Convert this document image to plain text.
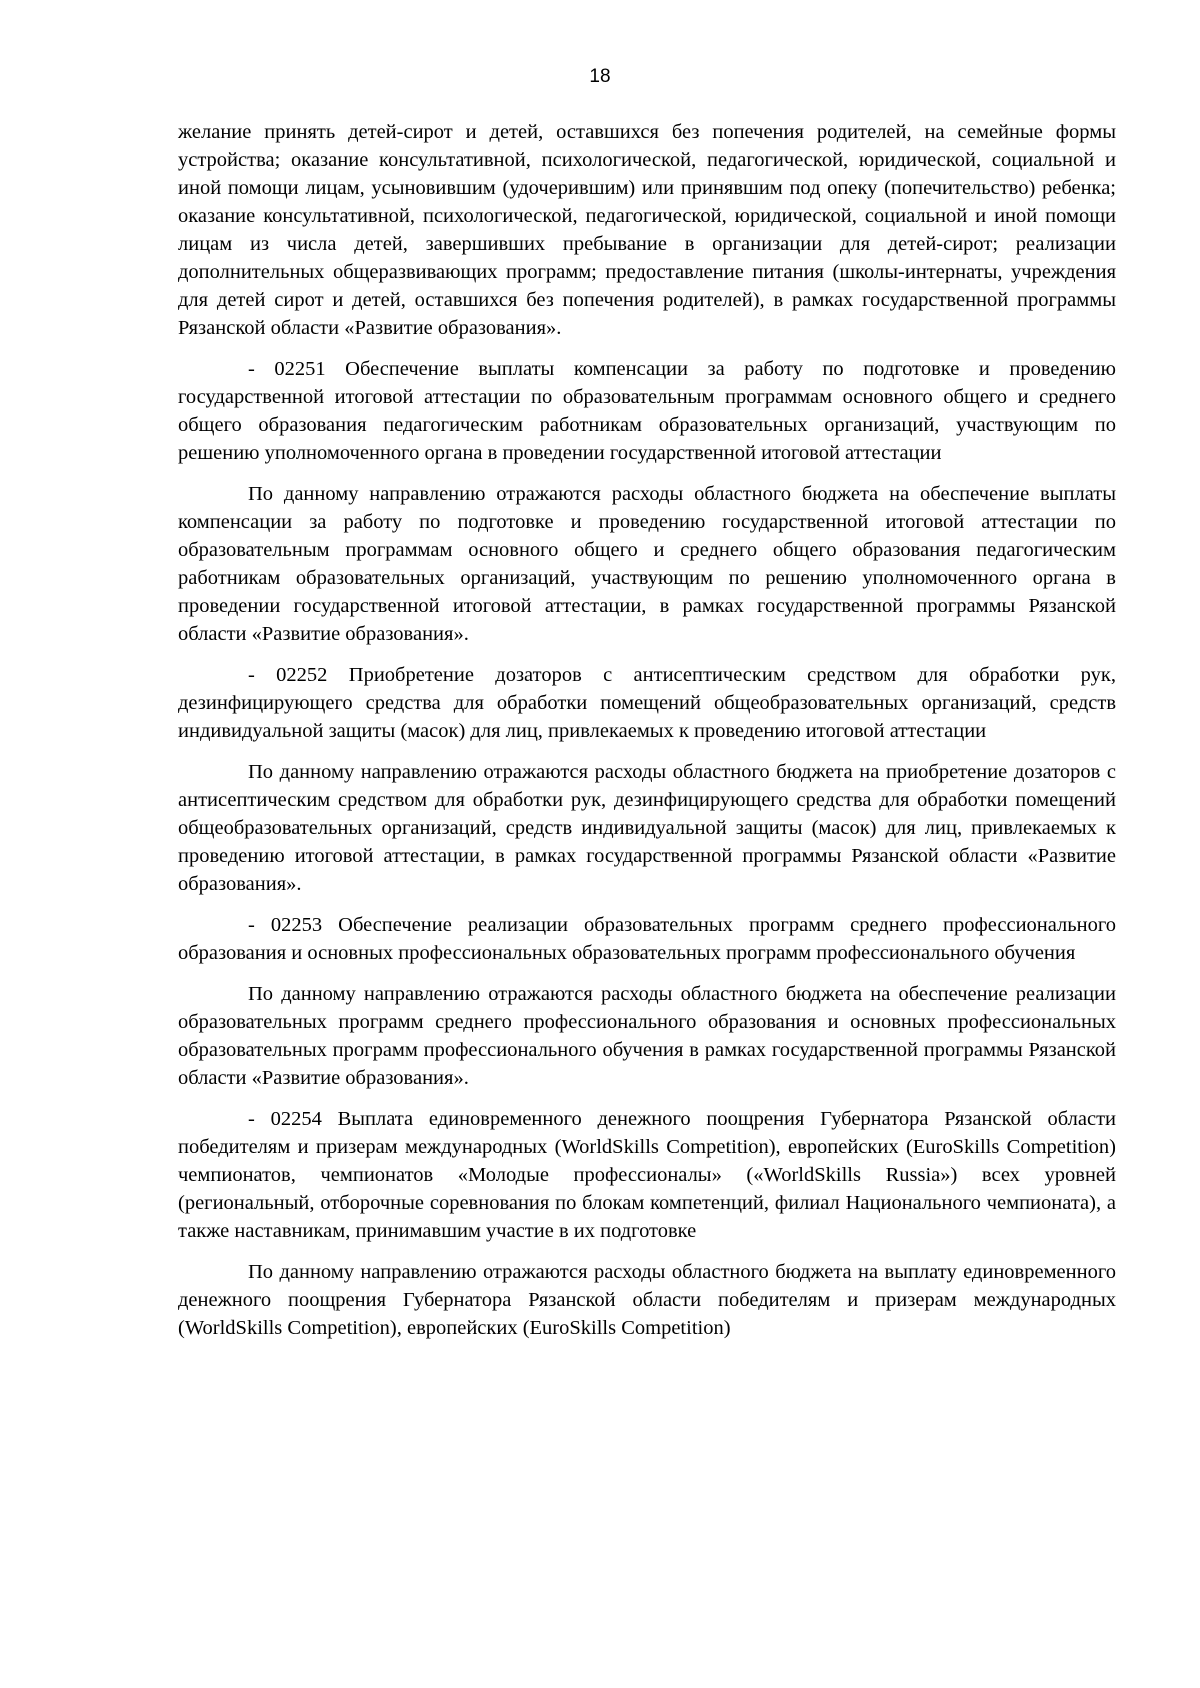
18

желание принять детей-сирот и детей, оставшихся без попечения родителей, на семейные формы устройства; оказание консультативной, психологической, педагогической, юридической, социальной и иной помощи лицам, усыновившим (удочерившим) или принявшим под опеку (попечительство) ребенка; оказание консультативной, психологической, педагогической, юридической, социальной и иной помощи лицам из числа детей, завершивших пребывание в организации для детей-сирот; реализации дополнительных общеразвивающих программ; предоставление питания (школы-интернаты, учреждения для детей сирот и детей, оставшихся без попечения родителей), в рамках государственной программы Рязанской области «Развитие образования».

- 02251 Обеспечение выплаты компенсации за работу по подготовке и проведению государственной итоговой аттестации по образовательным программам основного общего и среднего общего образования педагогическим работникам образовательных организаций, участвующим по решению уполномоченного органа в проведении государственной итоговой аттестации

По данному направлению отражаются расходы областного бюджета на обеспечение выплаты компенсации за работу по подготовке и проведению государственной итоговой аттестации по образовательным программам основного общего и среднего общего образования педагогическим работникам образовательных организаций, участвующим по решению уполномоченного органа в проведении государственной итоговой аттестации, в рамках государственной программы Рязанской области «Развитие образования».

- 02252 Приобретение дозаторов с антисептическим средством для обработки рук, дезинфицирующего средства для обработки помещений общеобразовательных организаций, средств индивидуальной защиты (масок) для лиц, привлекаемых к проведению итоговой аттестации

По данному направлению отражаются расходы областного бюджета на приобретение дозаторов с антисептическим средством для обработки рук, дезинфицирующего средства для обработки помещений общеобразовательных организаций, средств индивидуальной защиты (масок) для лиц, привлекаемых к проведению итоговой аттестации, в рамках государственной программы Рязанской области «Развитие образования».

- 02253 Обеспечение реализации образовательных программ среднего профессионального образования и основных профессиональных образовательных программ профессионального обучения

По данному направлению отражаются расходы областного бюджета на обеспечение реализации образовательных программ среднего профессионального образования и основных профессиональных образовательных программ профессионального обучения в рамках государственной программы Рязанской области «Развитие образования».

- 02254 Выплата единовременного денежного поощрения Губернатора Рязанской области победителям и призерам международных (WorldSkills Competition), европейских (EuroSkills Competition) чемпионатов, чемпионатов «Молодые профессионалы» («WorldSkills Russia») всех уровней (региональный, отборочные соревнования по блокам компетенций, филиал Национального чемпионата), а также наставникам, принимавшим участие в их подготовке

По данному направлению отражаются расходы областного бюджета на выплату единовременного денежного поощрения Губернатора Рязанской области победителям и призерам международных (WorldSkills Competition), европейских (EuroSkills Competition)
